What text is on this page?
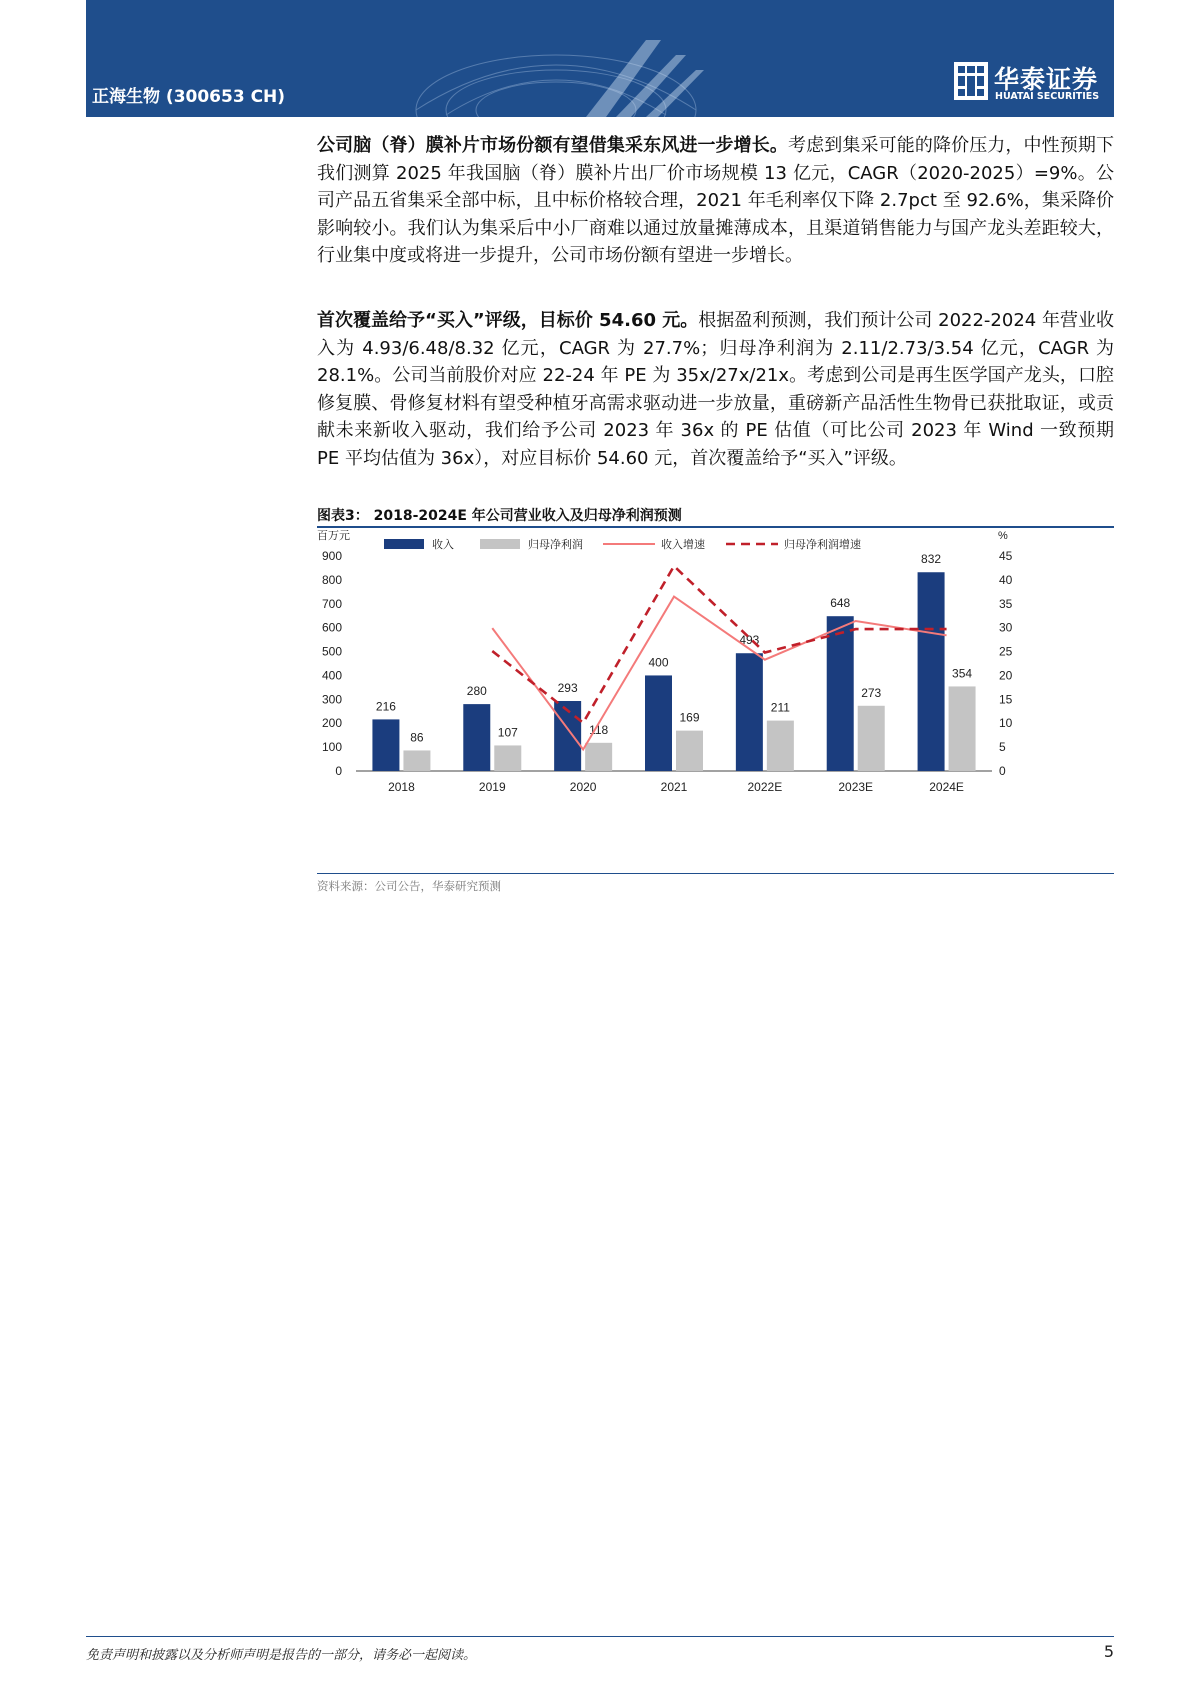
正海生物 (300653 CH)
华泰证券
HUATAI SECURITIES
公司脑（脊）膜补片市场份额有望借集采东风进一步增长。考虑到集采可能的降价压力，中性预期下我们测算 2025 年我国脑（脊）膜补片出厂价市场规模 13 亿元，CAGR（2020-2025）=9%。公司产品五省集采全部中标，且中标价格较合理，2021 年毛利率仅下降 2.7pct 至 92.6%，集采降价影响较小。我们认为集采后中小厂商难以通过放量摊薄成本，且渠道销售能力与国产龙头差距较大，行业集中度或将进一步提升，公司市场份额有望进一步增长。
首次覆盖给予“买入”评级，目标价 54.60 元。根据盈利预测，我们预计公司 2022-2024 年营业收入为 4.93/6.48/8.32 亿元，CAGR 为 27.7%；归母净利润为 2.11/2.73/3.54 亿元，CAGR 为 28.1%。公司当前股价对应 22-24 年 PE 为 35x/27x/21x。考虑到公司是再生医学国产龙头，口腔修复膜、骨修复材料有望受种植牙高需求驱动进一步放量，重磅新产品活性生物骨已获批取证，或贡献未来新收入驱动，我们给予公司 2023 年 36x 的 PE 估值（可比公司 2023 年 Wind 一致预期 PE 平均估值为 36x），对应目标价 54.60 元，首次覆盖给予“买入”评级。
图表3： 2018-2024E 年公司营业收入及归母净利润预测
百万元	%
0
100
200
300
400
500
600
700
800
900
0
5
10
15
20
25
30
35
40
45
216
86
2018
280
107
2019
293
118
2020
400
169
2021
493
211
2022E
648
273
2023E
832
354
2024E
收入	归母净利润	收入增速	归母净利润增速
资料来源：公司公告，华泰研究预测
免责声明和披露以及分析师声明是报告的一部分，请务必一起阅读。	5
